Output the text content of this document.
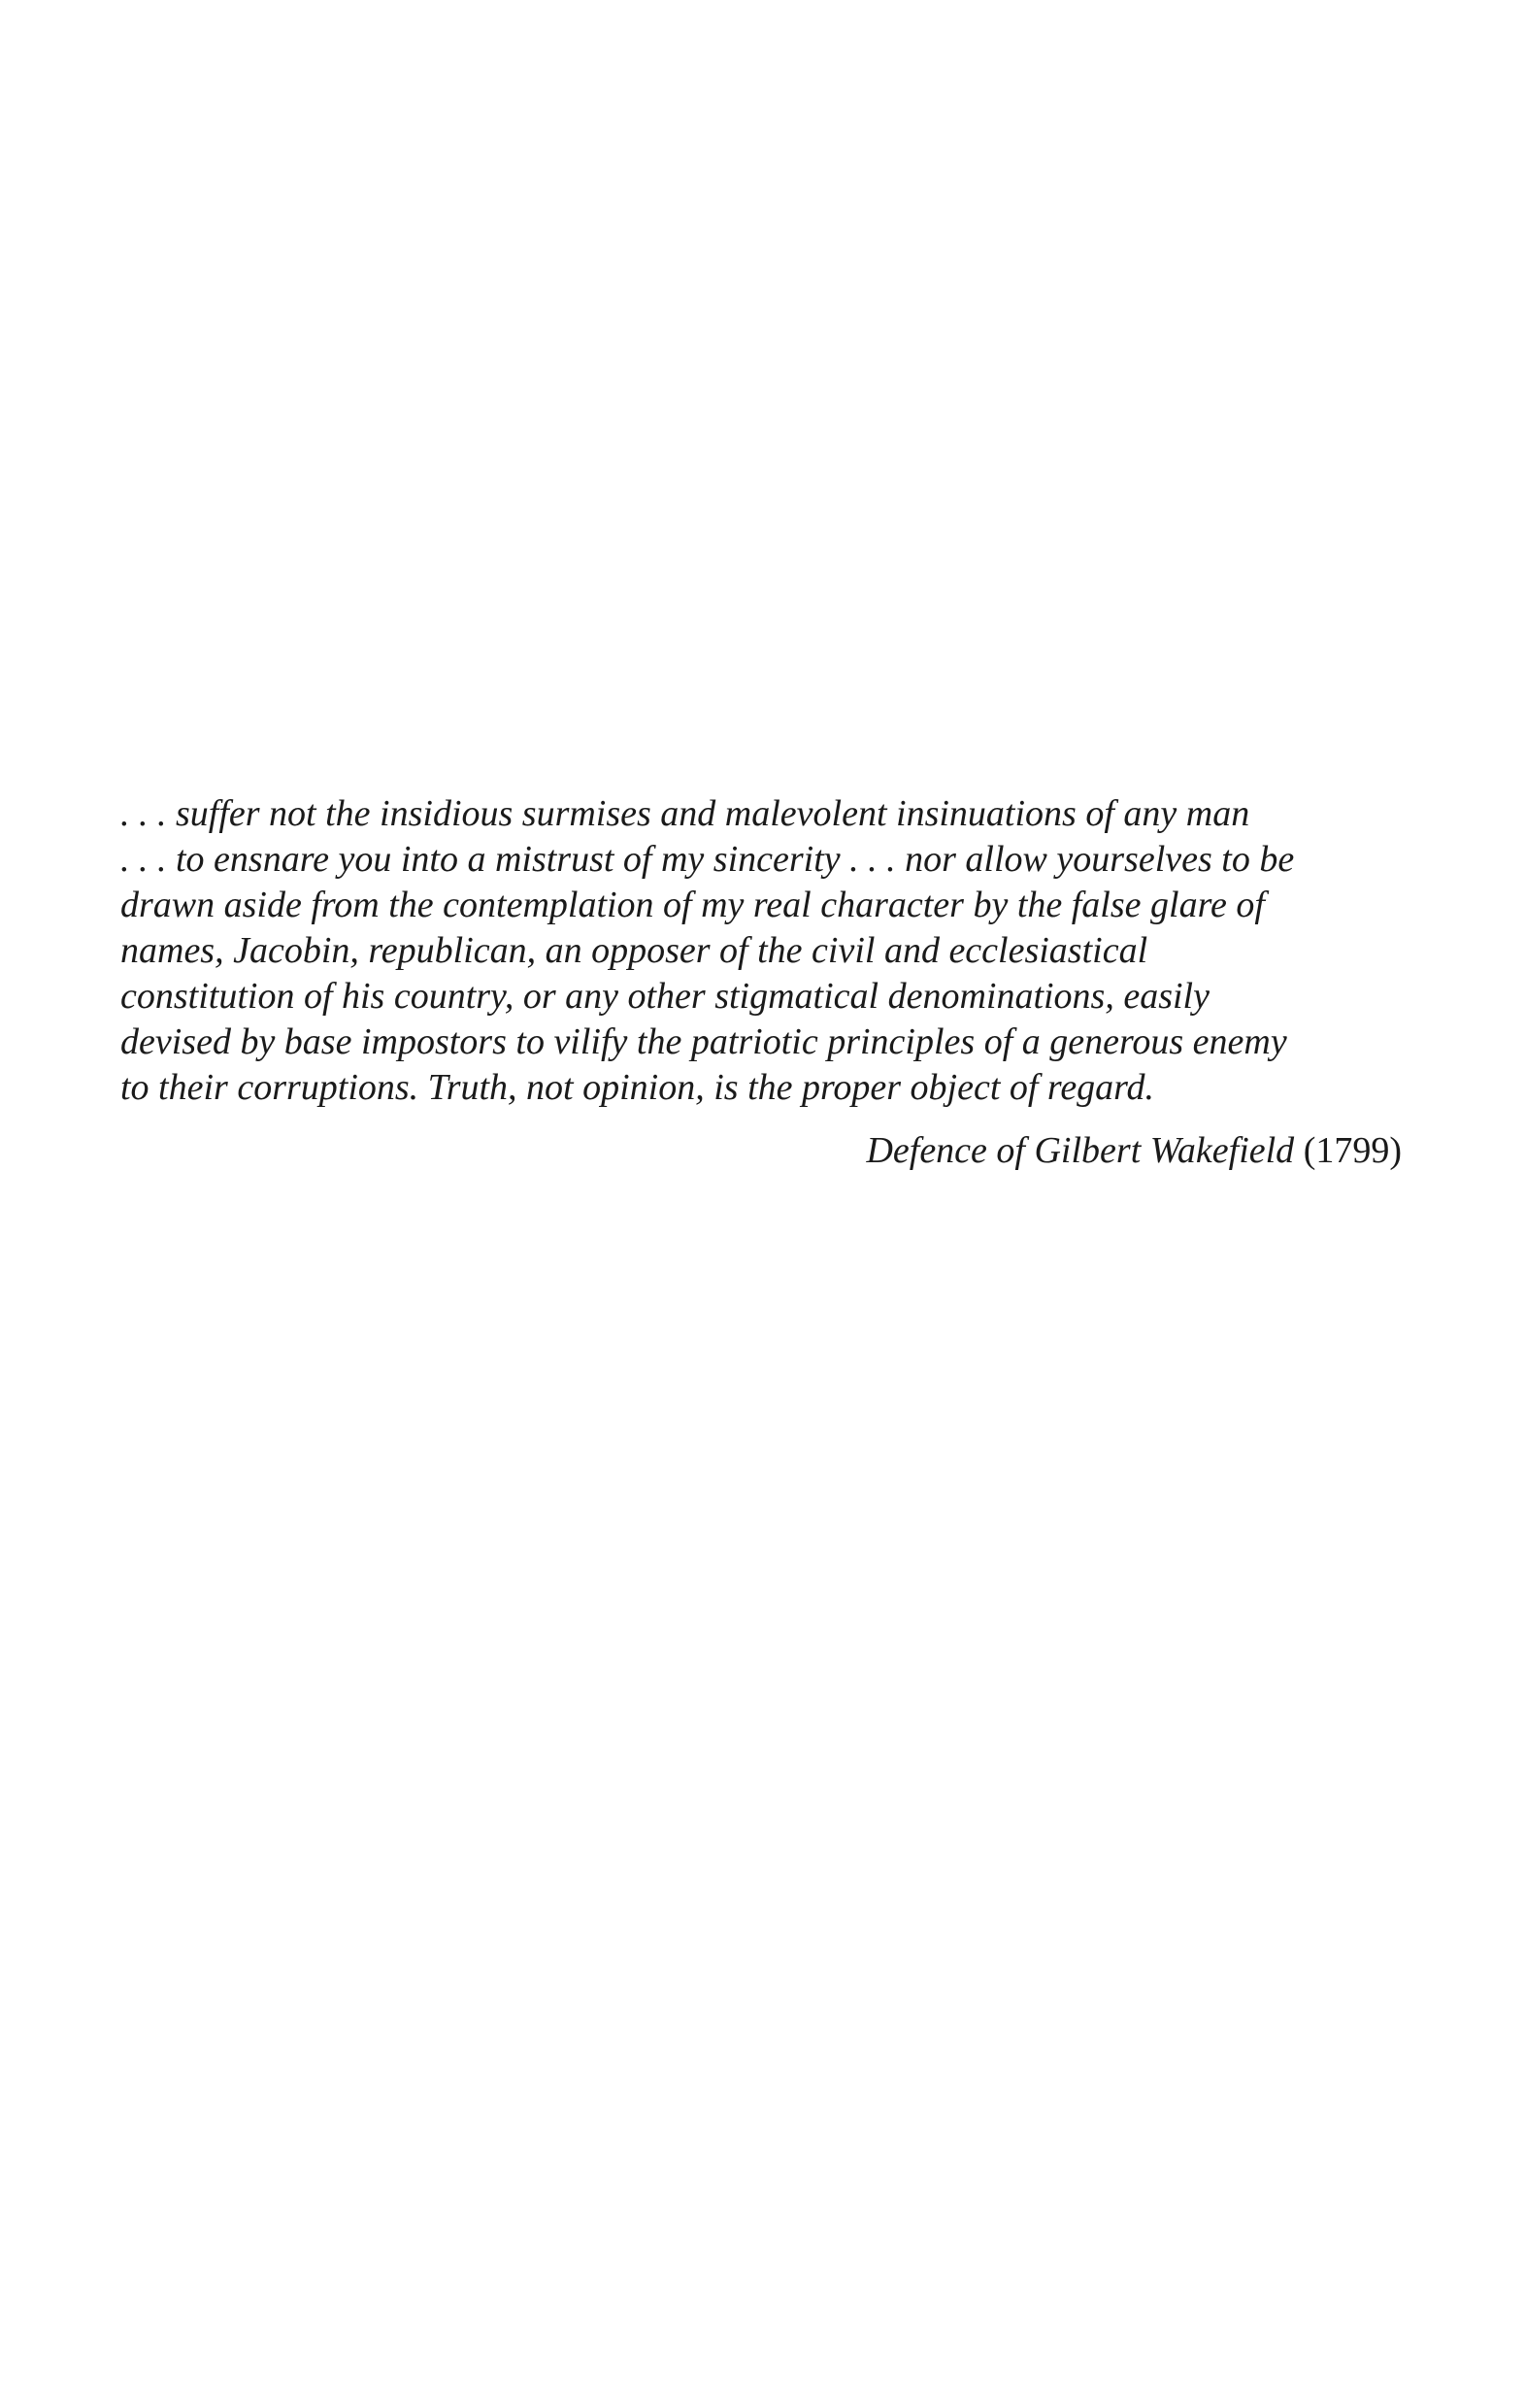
. . . suffer not the insidious surmises and malevolent insinuations of any man
. . . to ensnare you into a mistrust of my sincerity . . . nor allow yourselves to be
drawn aside from the contemplation of my real character by the false glare of
names, Jacobin, republican, an opposer of the civil and ecclesiastical
constitution of his country, or any other stigmatical denominations, easily
devised by base impostors to vilify the patriotic principles of a generous enemy
to their corruptions. Truth, not opinion, is the proper object of regard.
Defence of Gilbert Wakefield (1799)
